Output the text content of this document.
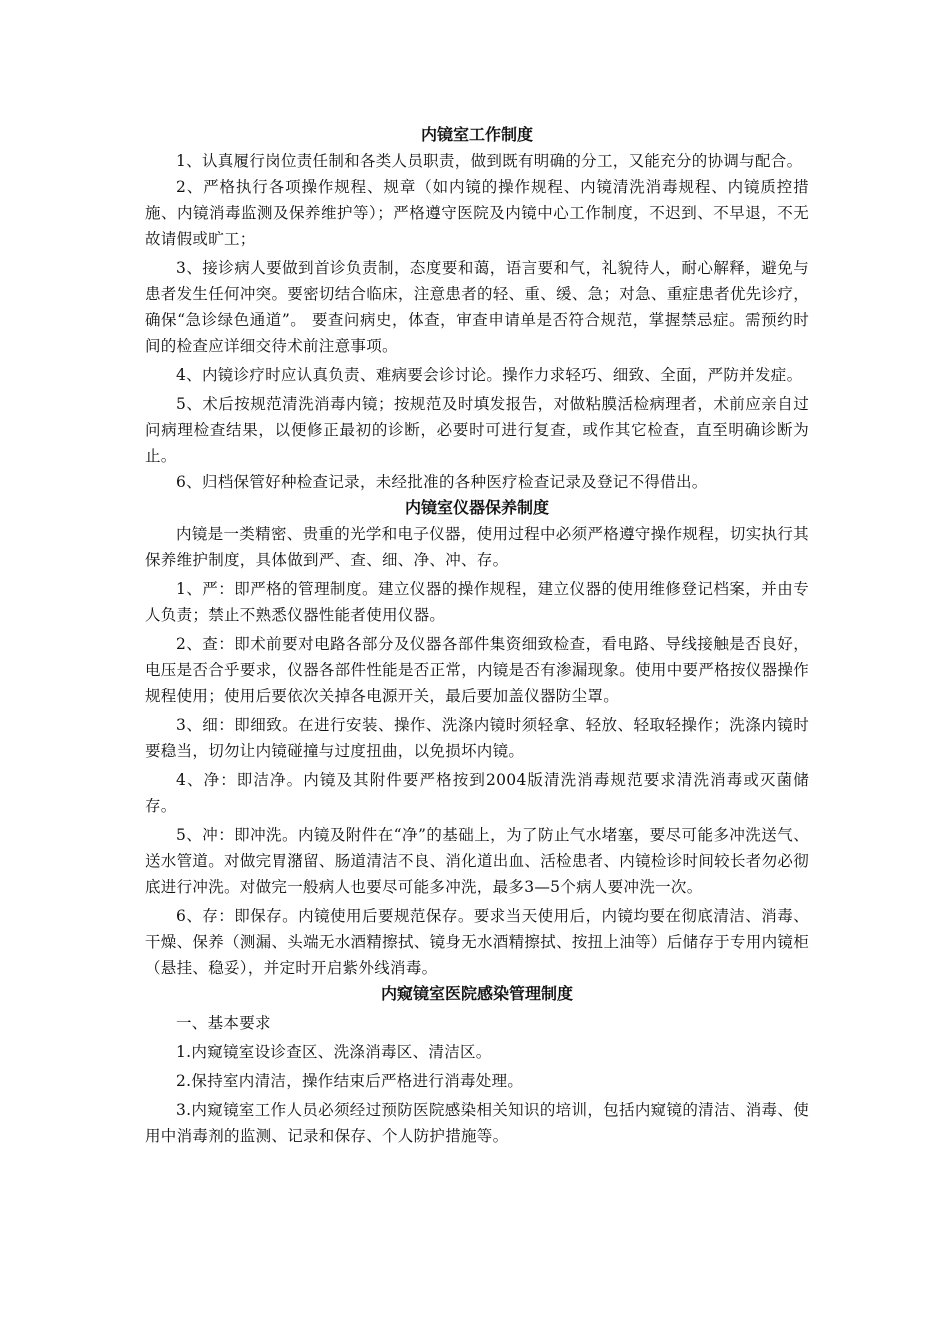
内镜室工作制度

1、认真履行岗位责任制和各类人员职责，做到既有明确的分工，又能充分的协调与配合。

2、严格执行各项操作规程、规章（如内镜的操作规程、内镜清洗消毒规程、内镜质控措施、内镜消毒监测及保养维护等）；严格遵守医院及内镜中心工作制度，不迟到、不早退，不无故请假或旷工；

3、接诊病人要做到首诊负责制，态度要和蔼，语言要和气，礼貌待人，耐心解释，避免与患者发生任何冲突。要密切结合临床，注意患者的轻、重、缓、急；对急、重症患者优先诊疗，确保“急诊绿色通道”。 要查问病史，体查，审查申请单是否符合规范，掌握禁忌症。需预约时间的检查应详细交待术前注意事项。

4、内镜诊疗时应认真负责、难病要会诊讨论。操作力求轻巧、细致、全面，严防并发症。

5、术后按规范清洗消毒内镜；按规范及时填发报告，对做粘膜活检病理者，术前应亲自过问病理检查结果，以便修正最初的诊断，必要时可进行复查，或作其它检查，直至明确诊断为止。

6、归档保管好种检查记录，未经批准的各种医疗检查记录及登记不得借出。

内镜室仪器保养制度

内镜是一类精密、贵重的光学和电子仪器，使用过程中必须严格遵守操作规程，切实执行其保养维护制度，具体做到严、查、细、净、冲、存。

1、严：即严格的管理制度。建立仪器的操作规程，建立仪器的使用维修登记档案，并由专人负责；禁止不熟悉仪器性能者使用仪器。

2、查：即术前要对电路各部分及仪器各部件集资细致检查，看电路、导线接触是否良好，电压是否合乎要求，仪器各部件性能是否正常，内镜是否有渗漏现象。使用中要严格按仪器操作规程使用；使用后要依次关掉各电源开关，最后要加盖仪器防尘罩。

3、细：即细致。在进行安装、操作、洗涤内镜时须轻拿、轻放、轻取轻操作；洗涤内镜时要稳当，切勿让内镜碰撞与过度扭曲，以免损坏内镜。

4、净：即洁净。内镜及其附件要严格按到2004版清洗消毒规范要求清洗消毒或灭菌储存。

5、冲：即冲洗。内镜及附件在“净”的基础上，为了防止气水堵塞，要尽可能多冲洗送气、送水管道。对做完胃潴留、肠道清洁不良、消化道出血、活检患者、内镜检诊时间较长者勿必彻底进行冲洗。对做完一般病人也要尽可能多冲洗，最多3—5个病人要冲洗一次。

6、存：即保存。内镜使用后要规范保存。要求当天使用后，内镜均要在彻底清洁、消毒、干燥、保养（测漏、头端无水酒精擦拭、镜身无水酒精擦拭、按扭上油等）后储存于专用内镜柜（悬挂、稳妥），并定时开启紫外线消毒。

内窥镜室医院感染管理制度

一、基本要求

1.内窥镜室设诊查区、洗涤消毒区、清洁区。

2.保持室内清洁，操作结束后严格进行消毒处理。

3.内窥镜室工作人员必须经过预防医院感染相关知识的培训，包括内窥镜的清洁、消毒、使用中消毒剂的监测、记录和保存、个人防护措施等。
